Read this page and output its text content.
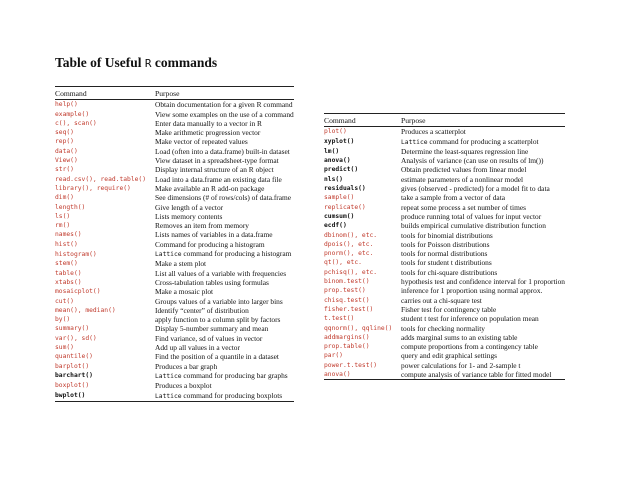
Table of Useful R commands
Command	Purpose
help()	Obtain documentation for a given R command
example()	View some examples on the use of a command
c(), scan()	Enter data manually to a vector in R
seq()	Make arithmetic progression vector
rep()	Make vector of repeated values
data()	Load (often into a data.frame) built-in dataset
View()	View dataset in a spreadsheet-type format
str()	Display internal structure of an R object
read.csv(), read.table()	Load into a data.frame an existing data file
library(), require()	Make available an R add-on package
dim()	See dimensions (# of rows/cols) of data.frame
length()	Give length of a vector
ls()	Lists memory contents
rm()	Removes an item from memory
names()	Lists names of variables in a data.frame
hist()	Command for producing a histogram
histogram()	Lattice command for producing a histogram
stem()	Make a stem plot
table()	List all values of a variable with frequencies
xtabs()	Cross-tabulation tables using formulas
mosaicplot()	Make a mosaic plot
cut()	Groups values of a variable into larger bins
mean(), median()	Identify “center” of distribution
by()	apply function to a column split by factors
summary()	Display 5-number summary and mean
var(), sd()	Find variance, sd of values in vector
sum()	Add up all values in a vector
quantile()	Find the position of a quantile in a dataset
barplot()	Produces a bar graph
barchart()	Lattice command for producing bar graphs
boxplot()	Produces a boxplot
bwplot()	Lattice command for producing boxplots
Command	Purpose
plot()	Produces a scatterplot
xyplot()	Lattice command for producing a scatterplot
lm()	Determine the least-squares regression line
anova()	Analysis of variance (can use on results of lm())
predict()	Obtain predicted values from linear model
nls()	estimate parameters of a nonlinear model
residuals()	gives (observed - predicted) for a model fit to data
sample()	take a sample from a vector of data
replicate()	repeat some process a set number of times
cumsum()	produce running total of values for input vector
ecdf()	builds empirical cumulative distribution function
dbinom(), etc.	tools for binomial distributions
dpois(), etc.	tools for Poisson distributions
pnorm(), etc.	tools for normal distributions
qt(), etc.	tools for student t distributions
pchisq(), etc.	tools for chi-square distributions
binom.test()	hypothesis test and confidence interval for 1 proportion
prop.test()	inference for 1 proportion using normal approx.
chisq.test()	carries out a chi-square test
fisher.test()	Fisher test for contingency table
t.test()	student t test for inference on population mean
qqnorm(), qqline()	tools for checking normality
addmargins()	adds marginal sums to an existing table
prop.table()	compute proportions from a contingency table
par()	query and edit graphical settings
power.t.test()	power calculations for 1- and 2-sample t
anova()	compute analysis of variance table for fitted model
